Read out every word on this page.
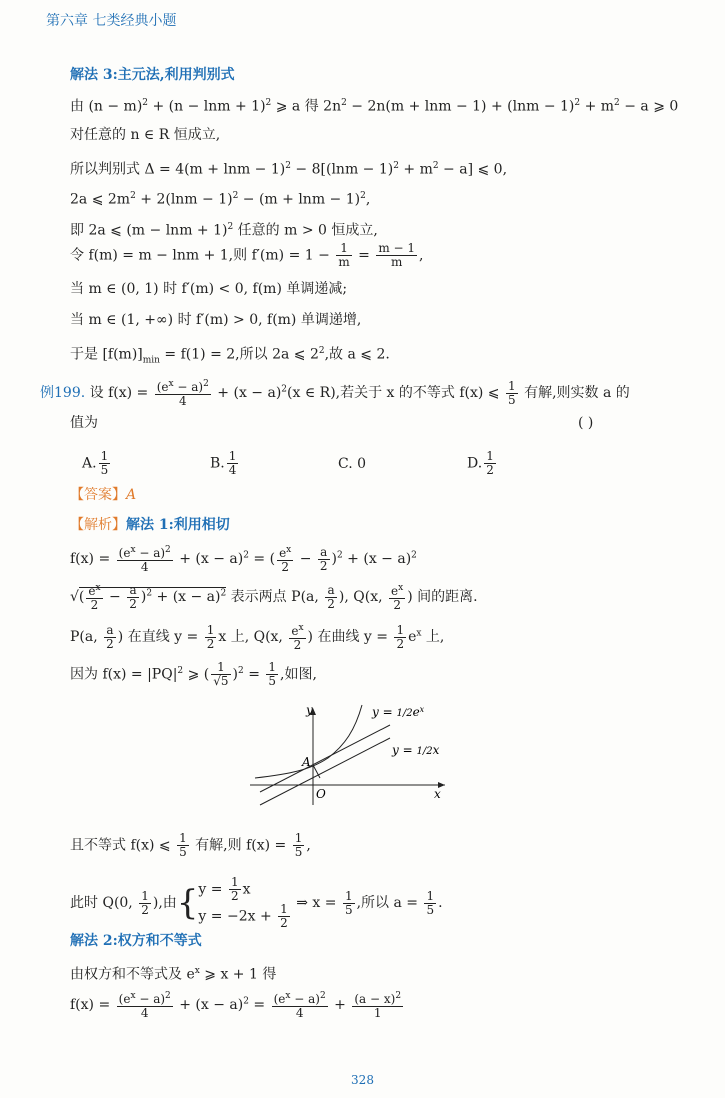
第六章 七类经典小题
解法 3:主元法,利用判别式
由 $(n - m)^2 + (n - \ln m + 1)^2$ ⩾ a 得 $2n^2 - 2n(m + \ln m - 1) + (\ln m - 1)^2 + m^2 - a$ ⩾ 0
对任意的 n ∈ R 恒成立,
所以判别式 $\Delta = 4(m + \ln m - 1)^2 - 8[(\ln m - 1)^2 + m^2 - a]$ ⩽ 0,
2a ⩽ $2m^2 + 2(\ln m - 1)^2 - (m + \ln m - 1)^2$,
即 2a ⩽ $(m - \ln m + 1)^2$ 任意的 m > 0 恒成立,
令 f(m) = m − lnm + 1,则 $f'(m) = 1 - \frac{1}{m} = \frac{m - 1}{m}$ ,
当 m ∈ (0, 1) 时 f′(m) < 0, f(m) 单调递减;
当 m ∈ (1, +∞) 时 f′(m) > 0, f(m) 单调递增,
于是 $[f(m)]_{min} = f(1) = 2$,所以 2a ⩽ $2^2$,故 a ⩽ 2.
例199. 设 $f(x) = \frac{(e^x - a)^2}{4} + (x - a)^2(x$ ∈ R),若关于 x 的不等式 f(x) ⩽ $\frac{1}{5}$ 有解,则实数 a 的
值为	( )
A. $\frac{1}{5}$	B. $\frac{1}{4}$	C. 0	D. $\frac{1}{2}$
【答案】A
【解析】解法 1:利用相切
$f(x) = \frac{(e^x - a)^2}{4} + (x - a)^2$ = ( $\frac{e^x}{2} - \frac{a}{2} )^2 + (x - a)^2$
√( $\frac{e^x}{2} - \frac{a}{2} )^2 + (x - a)^2$ 表示两点 P(a, $\frac{a}{2}$ ), Q(x, $\frac{e^x}{2}$ ) 间的距离.
P(a, $\frac{a}{2}$ ) 在直线 $y = \frac{1}{2}$ x 上, Q(x, $\frac{e^x}{2}$ ) 在曲线 $y = \frac{1}{2} e^x$ 上,
因为 $f(x) = |PQ|^2$ ⩾ ( $\frac{1}{√5} )^2 = \frac{1}{5}$ ,如图,
A
O
y
x
$y = 1/2e^x$
y = 1/2x
且不等式 f(x) ⩽ $\frac{1}{5}$ 有解,则 $f(x) = \frac{1}{5}$ ,
此时 Q(0, $\frac{1}{2}$ ),由{ $y = \frac{1}{2}$ x
$y = -2x + \frac{1}{2}$ ⇒ $x = \frac{1}{5}$ ,所以 $a = \frac{1}{5}$ .
解法 2:权方和不等式
由权方和不等式及 $e^x$ ⩾ x + 1 得
$f(x) = \frac{(e^x - a)^2}{4} + (x - a)^2 = \frac{(e^x - a)^2}{4} + \frac{(a - x)^2}{1}$
328
